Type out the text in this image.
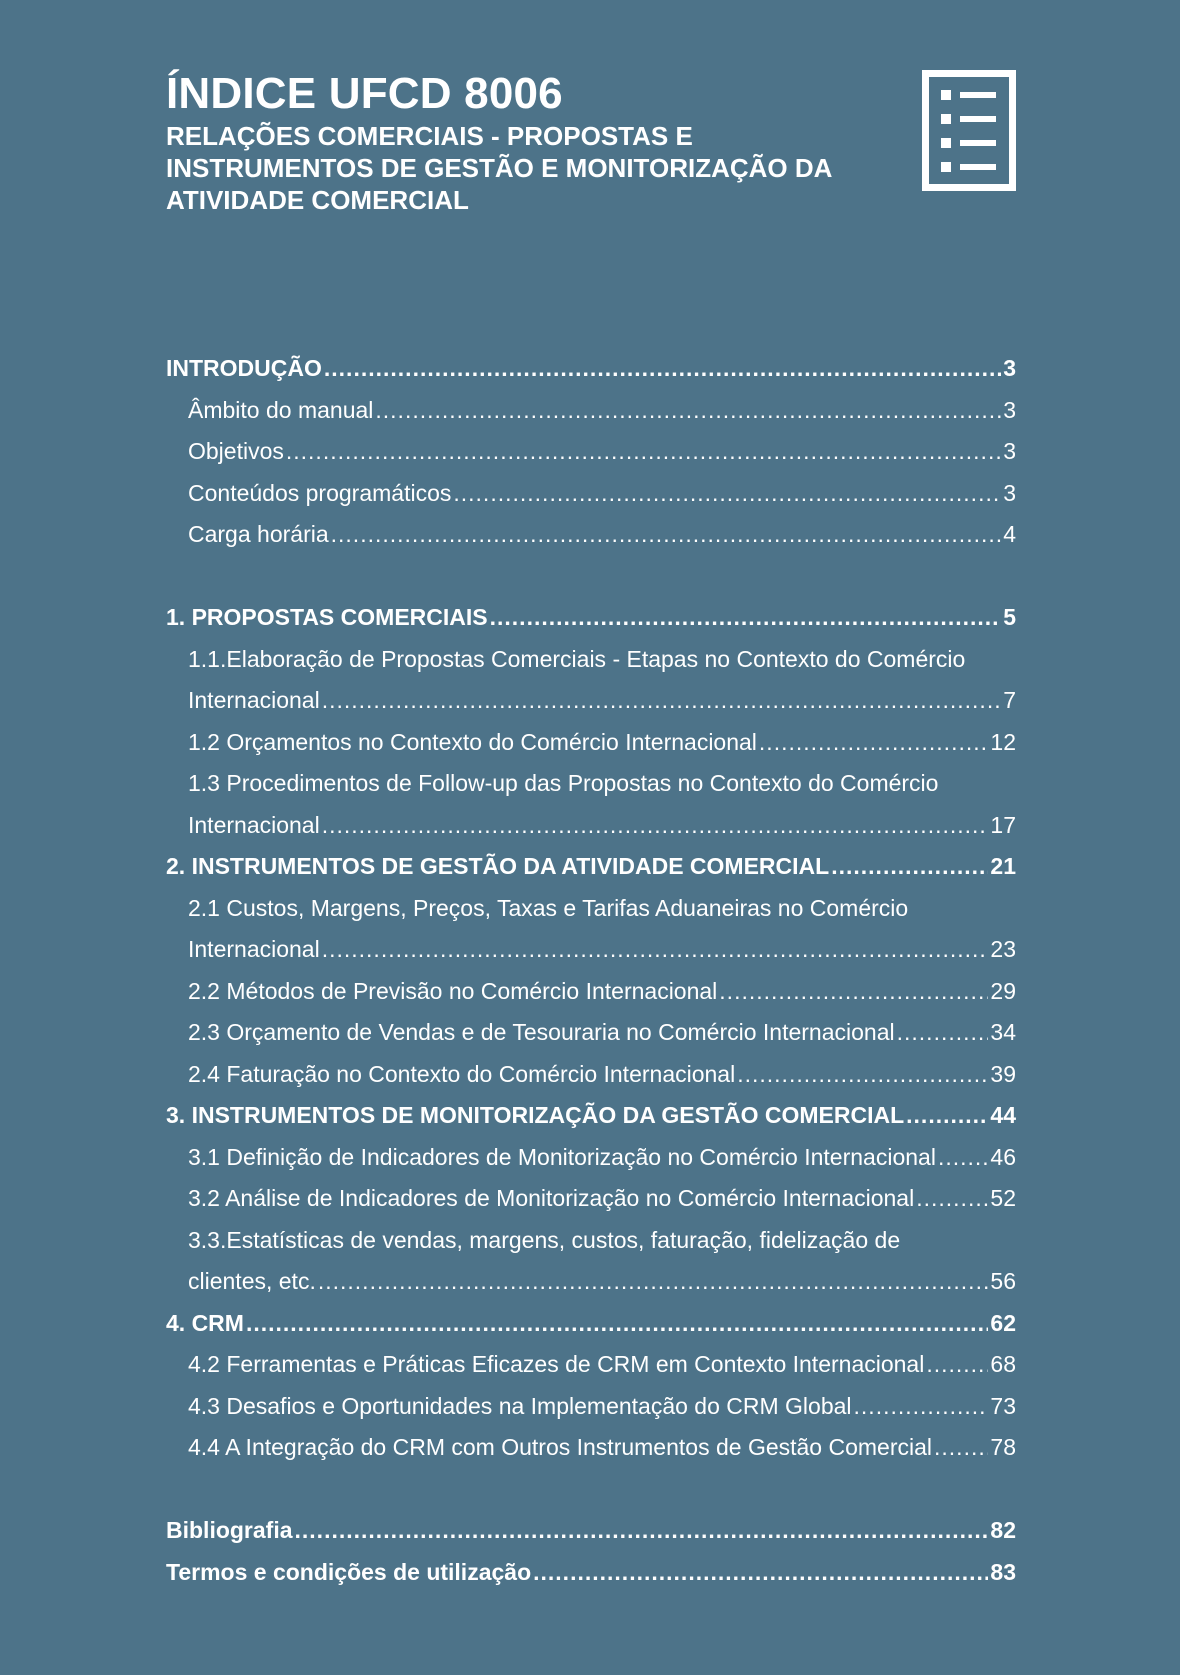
ÍNDICE UFCD 8006
RELAÇÕES COMERCIAIS - PROPOSTAS E INSTRUMENTOS DE GESTÃO E MONITORIZAÇÃO DA ATIVIDADE COMERCIAL
INTRODUÇÃO .....	3
Âmbito do manual .....	3
Objetivos .....	3
Conteúdos programáticos .....	3
Carga horária .....	4
1. PROPOSTAS COMERCIAIS .....	5
1.1.Elaboração de Propostas Comerciais - Etapas no Contexto do Comércio
Internacional .....	7
1.2 Orçamentos no Contexto do Comércio Internacional .....	12
1.3 Procedimentos de Follow-up das Propostas no Contexto do Comércio
Internacional .....	17
2. INSTRUMENTOS DE GESTÃO DA ATIVIDADE COMERCIAL .....	21
2.1 Custos, Margens, Preços, Taxas e Tarifas Aduaneiras no Comércio
Internacional .....	23
2.2 Métodos de Previsão no Comércio Internacional .....	29
2.3 Orçamento de Vendas e de Tesouraria no Comércio Internacional .....	34
2.4 Faturação no Contexto do Comércio Internacional .....	39
3. INSTRUMENTOS DE MONITORIZAÇÃO DA GESTÃO COMERCIAL .....	44
3.1 Definição de Indicadores de Monitorização no Comércio Internacional ..... 46
3.2 Análise de Indicadores de Monitorização no Comércio Internacional .....	52
3.3.Estatísticas de vendas, margens, custos, faturação, fidelização de
clientes, etc. .....	56
4. CRM .....	62
4.2 Ferramentas e Práticas Eficazes de CRM em Contexto Internacional .....	68
4.3 Desafios e Oportunidades na Implementação do CRM Global .....	73
4.4 A Integração do CRM com Outros Instrumentos de Gestão Comercial .....	78
Bibliografia .....	82
Termos e condições de utilização .....	83
